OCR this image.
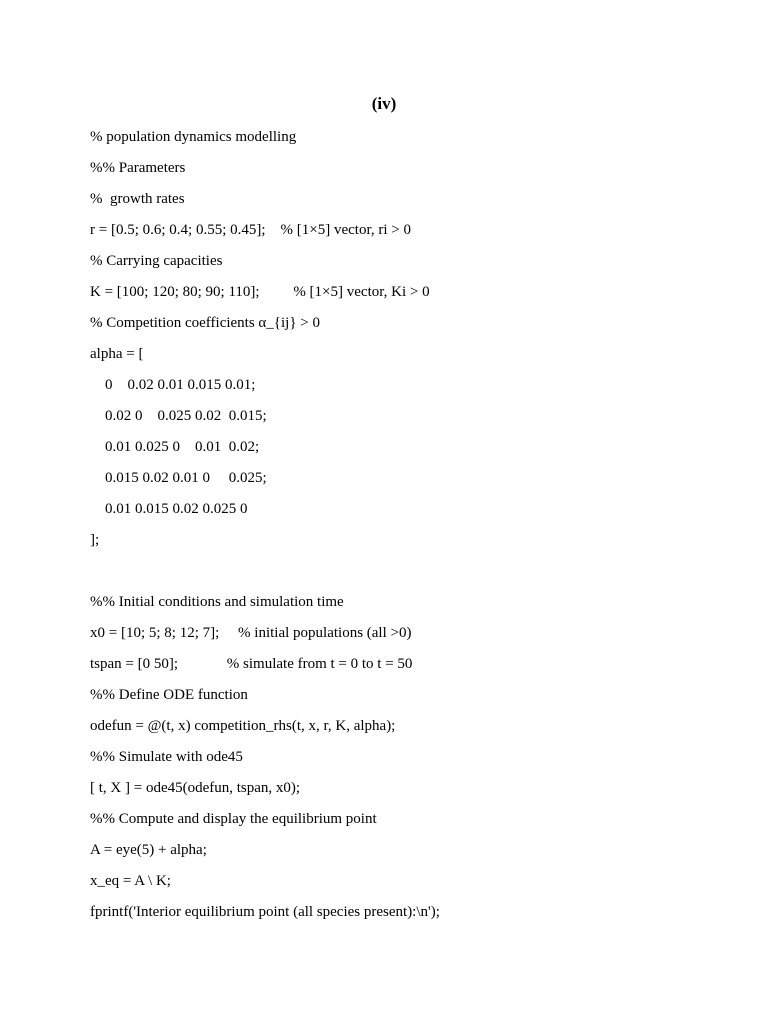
(iv)
% population dynamics modelling
%% Parameters
%  growth rates
r = [0.5; 0.6; 0.4; 0.55; 0.45];    % [1×5] vector, ri > 0
% Carrying capacities
K = [100; 120; 80; 90; 110];         % [1×5] vector, Ki > 0
% Competition coefficients α_{ij} > 0
alpha = [
0    0.02 0.01 0.015 0.01;
0.02 0    0.025 0.02  0.015;
0.01 0.025 0    0.01  0.02;
0.015 0.02 0.01 0     0.025;
0.01 0.015 0.02 0.025 0
];
%% Initial conditions and simulation time
x0 = [10; 5; 8; 12; 7];     % initial populations (all >0)
tspan = [0 50];             % simulate from t = 0 to t = 50
%% Define ODE function
odefun = @(t, x) competition_rhs(t, x, r, K, alpha);
%% Simulate with ode45
[ t, X ] = ode45(odefun, tspan, x0);
%% Compute and display the equilibrium point
A = eye(5) + alpha;
x_eq = A \ K;
fprintf('Interior equilibrium point (all species present):\n');
